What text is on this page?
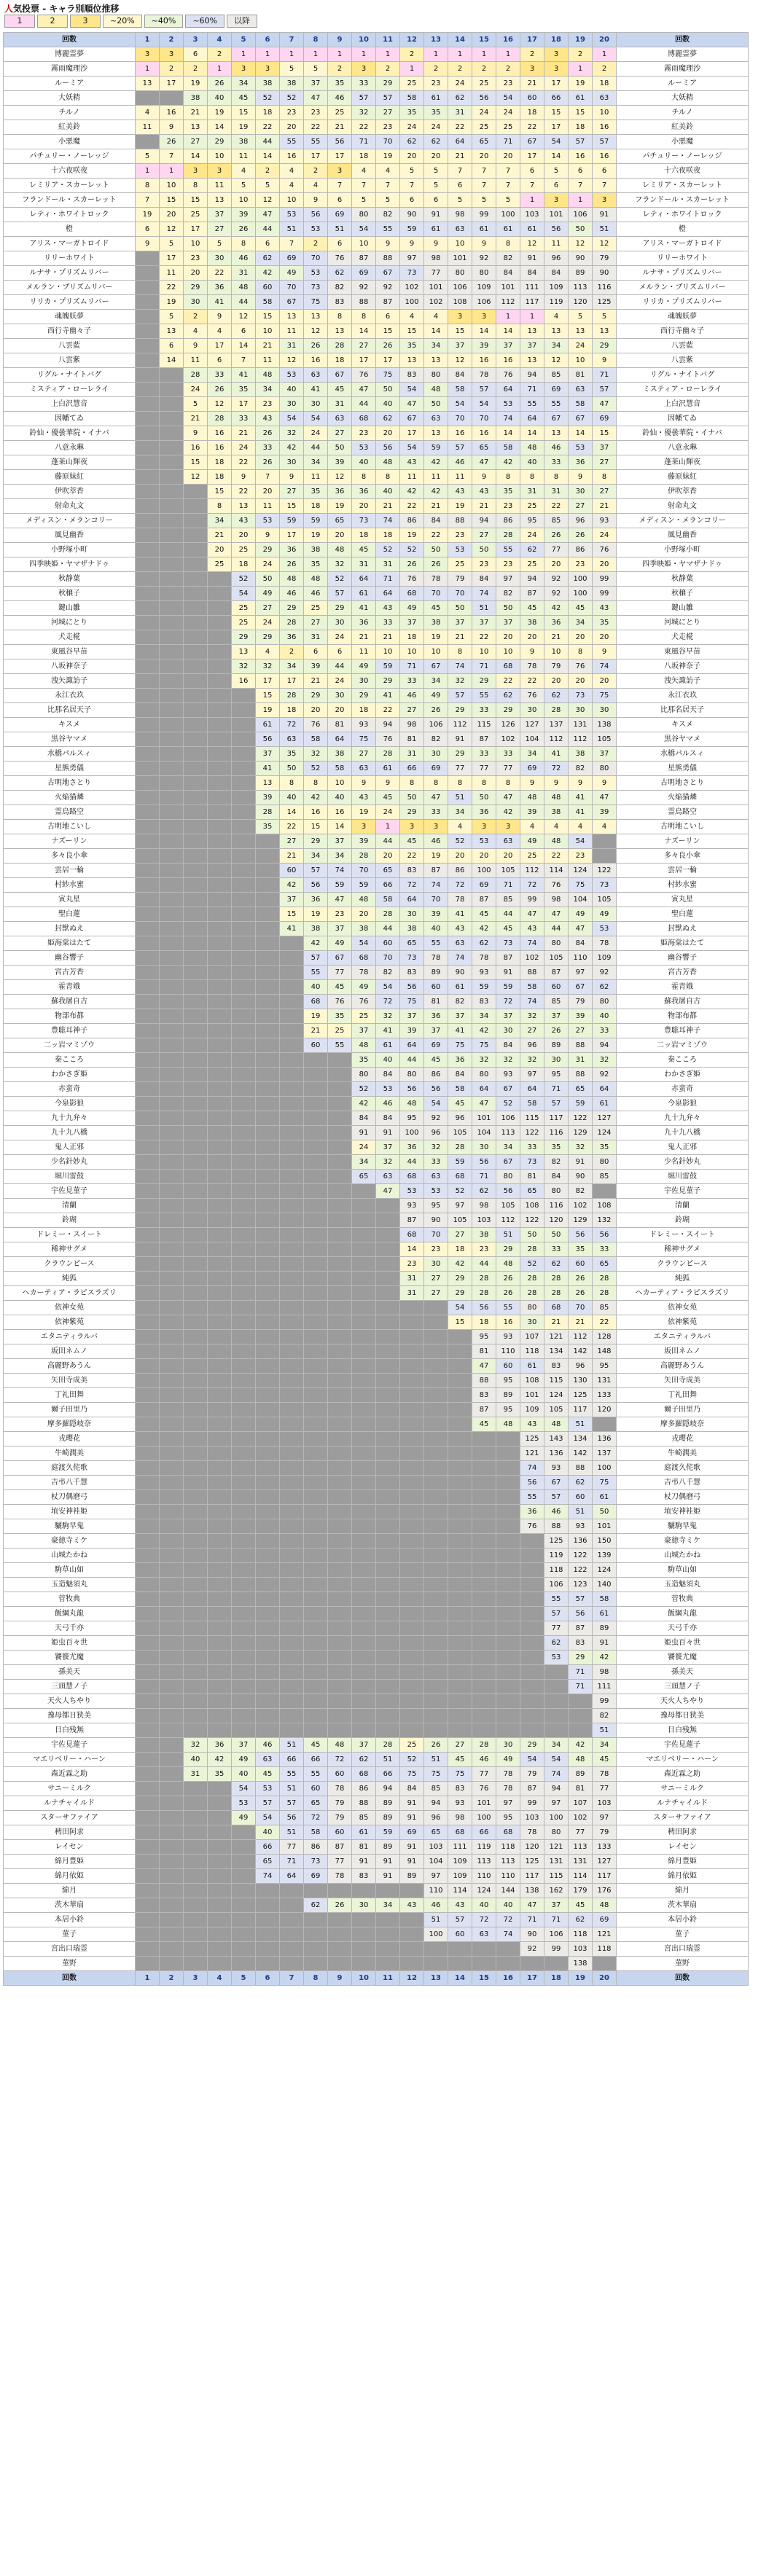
人気投票 - キャラ別順位推移
1	2	3	~20%	~40%	~60%	以降
回数	1	2	3	4	5	6	7	8	9	10	11	12	13	14	15	16	17	18	19	20	回数
博麗霊夢	3	3	6	2	1	1	1	1	1	1	1	2	1	1	1	1	2	3	2	1	博麗霊夢
霧雨魔理沙	1	2	2	1	3	3	5	5	2	3	2	1	2	2	2	2	3	3	1	2	霧雨魔理沙
ルーミア	13	17	19	26	34	38	38	37	35	33	29	25	23	24	25	23	21	17	19	18	ルーミア
大妖精			38	40	45	52	52	47	46	57	57	58	61	62	56	54	60	66	61	63	大妖精
チルノ	4	16	21	19	15	18	23	23	25	32	27	35	35	31	24	24	18	15	15	10	チルノ
紅美鈴	11	9	13	14	19	22	20	22	21	22	23	24	24	22	25	25	22	17	18	16	紅美鈴
小悪魔		26	27	29	38	44	55	55	56	71	70	62	62	64	65	71	67	54	57	57	小悪魔
パチュリー・ノーレッジ	5	7	14	10	11	14	16	17	17	18	19	20	20	21	20	20	17	14	16	16	パチュリー・ノーレッジ
十六夜咲夜	1	1	3	3	4	2	4	2	3	4	4	5	5	7	7	7	6	5	6	6	十六夜咲夜
レミリア・スカーレット	8	10	8	11	5	5	4	4	7	7	7	7	5	6	7	7	7	6	7	7	レミリア・スカーレット
フランドール・スカーレット	7	15	15	13	10	12	10	9	6	5	5	6	6	5	5	5	1	3	1	3	フランドール・スカーレット
レティ・ホワイトロック	19	20	25	37	39	47	53	56	69	80	82	90	91	98	99	100	103	101	106	91	レティ・ホワイトロック
橙	6	12	17	27	26	44	51	53	51	54	55	59	61	63	61	61	61	56	50	51	橙
アリス・マーガトロイド	9	5	10	5	8	6	7	2	6	10	9	9	9	10	9	8	12	11	12	12	アリス・マーガトロイド
リリーホワイト		17	23	30	46	62	69	70	76	87	88	97	98	101	92	82	91	96	90	79	リリーホワイト
ルナサ・プリズムリバー		11	20	22	31	42	49	53	62	69	67	73	77	80	80	84	84	84	89	90	ルナサ・プリズムリバー
メルラン・プリズムリバー		22	29	36	48	60	70	73	82	92	92	102	101	106	109	101	111	109	113	116	メルラン・プリズムリバー
リリカ・プリズムリバー		19	30	41	44	58	67	75	83	88	87	100	102	108	106	112	117	119	120	125	リリカ・プリズムリバー
魂魄妖夢		5	2	9	12	15	13	13	8	8	6	4	4	3	3	1	1	4	5	5	魂魄妖夢
西行寺幽々子		13	4	4	6	10	11	12	13	14	15	15	14	15	14	14	13	13	13	13	西行寺幽々子
八雲藍		6	9	17	14	21	31	26	28	27	26	35	34	37	39	37	37	34	24	29	八雲藍
八雲紫		14	11	6	7	11	12	16	18	17	17	13	13	12	16	16	13	12	10	9	八雲紫
リグル・ナイトバグ			28	33	41	48	53	63	67	76	75	83	80	84	78	76	94	85	81	71	リグル・ナイトバグ
ミスティア・ローレライ			24	26	35	34	40	41	45	47	50	54	48	58	57	64	71	69	63	57	ミスティア・ローレライ
上白沢慧音			5	12	17	23	30	30	31	44	40	47	50	54	54	53	55	55	58	47	上白沢慧音
因幡てゐ			21	28	33	43	54	54	63	68	62	67	63	70	70	74	64	67	67	69	因幡てゐ
鈴仙・優曇華院・イナバ			9	16	21	26	32	24	27	23	20	17	13	16	16	14	14	13	14	15	鈴仙・優曇華院・イナバ
八意永琳			16	16	24	33	42	44	50	53	56	54	59	57	65	58	48	46	53	37	八意永琳
蓬莱山輝夜			15	18	22	26	30	34	39	40	48	43	42	46	47	42	40	33	36	27	蓬莱山輝夜
藤原妹紅			12	18	9	7	9	11	12	8	8	11	11	11	9	8	8	8	9	8	藤原妹紅
伊吹萃香				15	22	20	27	35	36	36	40	42	42	43	43	35	31	31	30	27	伊吹萃香
射命丸文				8	13	11	15	18	19	20	21	22	21	19	21	23	25	22	27	21	射命丸文
メディスン・メランコリー				34	43	53	59	59	65	73	74	86	84	88	94	86	95	85	96	93	メディスン・メランコリー
風見幽香				21	20	9	17	19	20	18	18	19	22	23	27	28	24	26	26	24	風見幽香
小野塚小町				20	25	29	36	38	48	45	52	52	50	53	50	55	62	77	86	76	小野塚小町
四季映姫・ヤマザナドゥ				25	18	24	26	35	32	31	31	26	26	25	23	23	25	20	23	20	四季映姫・ヤマザナドゥ
秋静葉					52	50	48	48	52	64	71	76	78	79	84	97	94	92	100	99	秋静葉
秋穣子					54	49	46	46	57	61	64	68	70	70	74	82	87	92	100	99	秋穣子
鍵山雛					25	27	29	25	29	41	43	49	45	50	51	50	45	42	45	43	鍵山雛
河城にとり					25	24	28	27	30	36	33	37	38	37	37	37	38	36	34	35	河城にとり
犬走椛					29	29	36	31	24	21	21	18	19	21	22	20	20	21	20	20	犬走椛
東風谷早苗					13	4	2	6	6	11	10	10	10	8	10	10	9	10	8	9	東風谷早苗
八坂神奈子					32	32	34	39	44	49	59	71	67	74	71	68	78	79	76	74	八坂神奈子
洩矢諏訪子					16	17	17	21	24	30	29	33	34	32	29	22	22	20	20	20	洩矢諏訪子
永江衣玖						15	28	29	30	29	41	46	49	57	55	62	76	62	73	75	永江衣玖
比那名居天子						19	18	20	20	18	22	27	26	29	33	29	30	28	30	30	比那名居天子
キスメ						61	72	76	81	93	94	98	106	112	115	126	127	137	131	138	キスメ
黒谷ヤマメ						56	63	58	64	75	76	81	82	91	87	102	104	112	112	105	黒谷ヤマメ
水橋パルスィ						37	35	32	38	27	28	31	30	29	33	33	34	41	38	37	水橋パルスィ
星熊勇儀						41	50	52	58	63	61	66	69	77	77	77	69	72	82	80	星熊勇儀
古明地さとり						13	8	8	10	9	9	8	8	8	8	8	9	9	9	9	古明地さとり
火焔猫燐						39	40	42	40	43	45	50	47	51	50	47	48	48	41	47	火焔猫燐
霊烏路空						28	14	16	16	19	24	29	33	34	36	42	39	38	41	39	霊烏路空
古明地こいし						35	22	15	14	3	1	3	3	4	3	3	4	4	4	4	古明地こいし
ナズーリン							27	29	37	39	44	45	46	52	53	63	49	48	54		ナズーリン
多々良小傘							21	34	34	28	20	22	19	20	20	20	25	22	23		多々良小傘
雲居一輪							60	57	74	70	65	83	87	86	100	105	112	114	124	122	雲居一輪
村紗水蜜							42	56	59	59	66	72	74	72	69	71	72	76	75	73	村紗水蜜
寅丸星							37	36	47	48	58	64	70	78	87	85	99	98	104	105	寅丸星
聖白蓮							15	19	23	20	28	30	39	41	45	44	47	47	49	49	聖白蓮
封獣ぬえ							41	38	37	38	44	38	40	43	42	45	43	44	47	53	封獣ぬえ
姫海棠はたて								42	49	54	60	65	55	63	62	73	74	80	84	78	姫海棠はたて
幽谷響子								57	67	68	70	73	78	74	78	87	102	105	110	109	幽谷響子
宮古芳香								55	77	78	82	83	89	90	93	91	88	87	97	92	宮古芳香
霍青娥								40	45	49	54	56	60	61	59	59	58	60	67	62	霍青娥
蘇我屠自古								68	76	76	72	75	81	82	83	72	74	85	79	80	蘇我屠自古
物部布都								19	35	25	32	37	36	37	34	37	32	37	39	40	物部布都
豊聡耳神子								21	25	37	41	39	37	41	42	30	27	26	27	33	豊聡耳神子
二ッ岩マミゾウ								60	55	48	61	64	69	75	75	84	96	89	88	94	二ッ岩マミゾウ
秦こころ										35	40	44	45	36	32	32	32	30	31	32	秦こころ
わかさぎ姫										80	84	80	86	84	80	93	97	95	88	92	わかさぎ姫
赤蛮奇										52	53	56	56	58	64	67	64	71	65	64	赤蛮奇
今泉影狼										42	46	48	54	45	47	52	58	57	59	61	今泉影狼
九十九弁々										84	84	95	92	96	101	106	115	117	122	127	九十九弁々
九十九八橋										91	91	100	96	105	104	113	122	116	129	124	九十九八橋
鬼人正邪										24	37	36	32	28	30	34	33	35	32	35	鬼人正邪
少名針妙丸										34	32	44	33	59	56	67	73	82	91	80	少名針妙丸
堀川雷鼓										65	63	68	63	68	71	80	81	84	90	85	堀川雷鼓
宇佐見菫子											47	53	53	52	62	56	65	80	82		宇佐見菫子
清蘭												93	95	97	98	105	108	116	102	108	清蘭
鈴瑚												87	90	105	103	112	122	120	129	132	鈴瑚
ドレミー・スイート												68	70	27	38	51	50	50	56	56	ドレミー・スイート
稀神サグメ												14	23	18	23	29	28	33	35	33	稀神サグメ
クラウンピース												23	30	42	44	48	52	62	60	65	クラウンピース
純狐												31	27	29	28	26	28	28	26	28	純狐
ヘカーティア・ラピスラズリ												31	27	29	28	26	28	28	26	28	ヘカーティア・ラピスラズリ
依神女苑														54	56	55	80	68	70	85	依神女苑
依神紫苑														15	18	16	30	21	21	22	依神紫苑
エタニティラルバ															95	93	107	121	112	128	エタニティラルバ
坂田ネムノ															81	110	118	134	142	148	坂田ネムノ
高麗野あうん															47	60	61	83	96	95	高麗野あうん
矢田寺成美															88	95	108	115	130	131	矢田寺成美
丁礼田舞															83	89	101	124	125	133	丁礼田舞
爾子田里乃															87	95	109	105	117	120	爾子田里乃
摩多羅隠岐奈															45	48	43	48	51		摩多羅隠岐奈
戎瓔花																	125	143	134	136	戎瓔花
牛崎潤美																	121	136	142	137	牛崎潤美
庭渡久侘歌																	74	93	88	100	庭渡久侘歌
吉弔八千慧																	56	67	62	75	吉弔八千慧
杖刀偶磨弓																	55	57	60	61	杖刀偶磨弓
埴安神袿姫																	36	46	51	50	埴安神袿姫
驪駒早鬼																	76	88	93	101	驪駒早鬼
豪徳寺ミケ																		125	136	150	豪徳寺ミケ
山城たかね																		119	122	139	山城たかね
駒草山如																		118	122	124	駒草山如
玉造魅須丸																		106	123	140	玉造魅須丸
菅牧典																		55	57	58	菅牧典
飯綱丸龍																		57	56	61	飯綱丸龍
天弓千亦																		77	87	89	天弓千亦
姫虫百々世																		62	83	91	姫虫百々世
饕餮尤魔																		53	29	42	饕餮尤魔
孫美天																			71	98	孫美天
三頭慧ノ子																			71	111	三頭慧ノ子
天火人ちやり																				99	天火人ちやり
豫母都日狭美																				82	豫母都日狭美
日白残無																				51	日白残無
宇佐見蓮子			32	36	37	46	51	45	48	37	28	25	26	27	28	30	29	34	42	34	宇佐見蓮子
マエリベリー・ハーン			40	42	49	63	66	66	72	62	51	52	51	45	46	49	54	54	48	45	マエリベリー・ハーン
森近霖之助			31	35	40	45	55	55	60	68	66	75	75	75	77	78	79	74	89	78	森近霖之助
サニーミルク					54	53	51	60	78	86	94	84	85	83	76	78	87	94	81	77	サニーミルク
ルナチャイルド					53	57	57	65	79	88	89	91	94	93	101	97	99	97	107	103	ルナチャイルド
スターサファイア					49	54	56	72	79	85	89	91	96	98	100	95	103	100	102	97	スターサファイア
稗田阿求						40	51	58	60	61	59	69	65	68	66	68	78	80	77	79	稗田阿求
レイセン						66	77	86	87	81	89	91	103	111	119	118	120	121	113	133	レイセン
綿月豊姫						65	71	73	77	91	91	91	104	109	113	113	125	131	131	127	綿月豊姫
綿月依姫						74	64	69	78	83	91	89	97	109	110	110	117	115	114	117	綿月依姫
綿月													110	114	124	144	138	162	179	176	綿月
茨木華扇								62	26	30	34	43	46	43	40	40	47	37	45	48	茨木華扇
本居小鈴													51	57	72	72	71	71	62	69	本居小鈴
菫子													100	60	63	74	90	106	118	121	菫子
宮出口瑞霊																	92	99	103	118	宮出口瑞霊
菫野																			138		菫野
回数	1	2	3	4	5	6	7	8	9	10	11	12	13	14	15	16	17	18	19	20	回数
